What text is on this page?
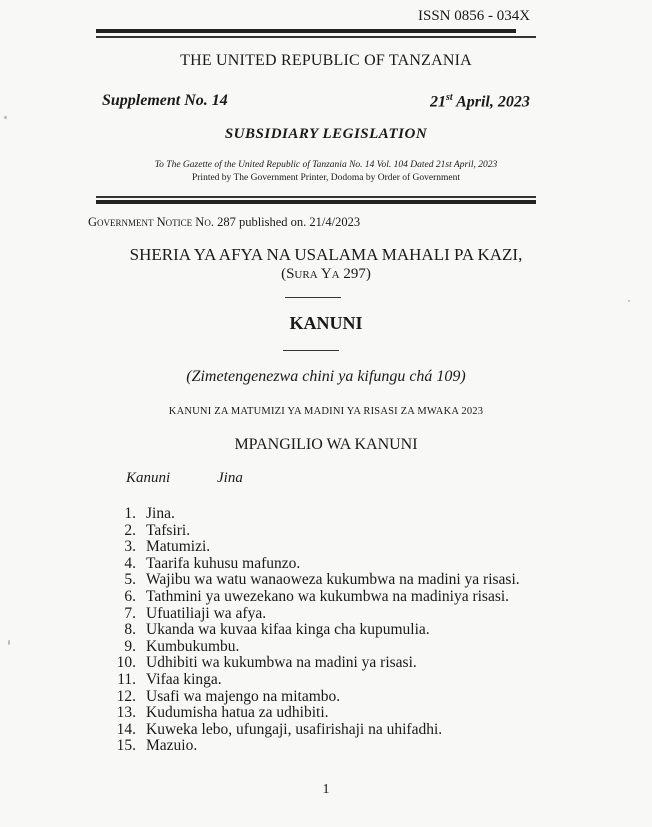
ISSN 0856 - 034X
THE UNITED REPUBLIC OF TANZANIA
Supplement No. 14	21st April, 2023
SUBSIDIARY LEGISLATION
To The Gazette of the United Republic of Tanzania No. 14 Vol. 104 Dated 21st April, 2023
Printed by The Government Printer, Dodoma by Order of Government
Government Notice No. 287 published on. 21/4/2023
SHERIA YA AFYA NA USALAMA MAHALI PA KAZI,
(Sura Ya 297)
KANUNI
(Zimetengenezwa chini ya kifungu chá 109)
KANUNI ZA MATUMIZI YA MADINI YA RISASI ZA MWAKA 2023
MPANGILIO WA KANUNI
Kanuni	Jina
1. Jina.
2. Tafsiri.
3. Matumizi.
4. Taarifa kuhusu mafunzo.
5. Wajibu wa watu wanaoweza kukumbwa na madini ya risasi.
6. Tathmini ya uwezekano wa kukumbwa na madiniya risasi.
7. Ufuatiliaji wa afya.
8. Ukanda wa kuvaa kifaa kinga cha kupumulia.
9. Kumbukumbu.
10. Udhibiti wa kukumbwa na madini ya risasi.
11. Vifaa kinga.
12. Usafi wa majengo na mitambo.
13. Kudumisha hatua za udhibiti.
14. Kuweka lebo, ufungaji, usafirishaji na uhifadhi.
15. Mazuio.
1
